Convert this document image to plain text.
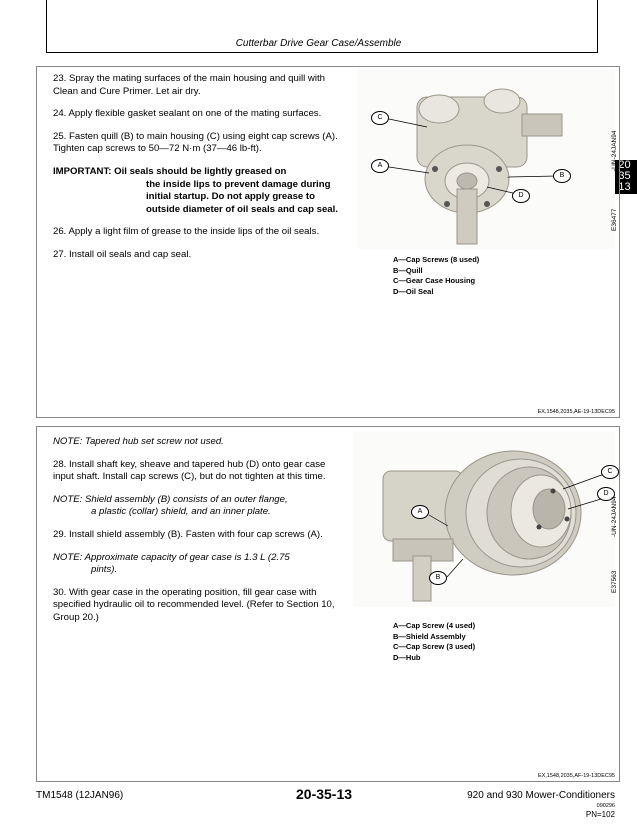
Cutterbar Drive Gear Case/Assemble
20
35
13

23. Spray the mating surfaces of the main housing and quill with Clean and Cure Primer. Let air dry.

24. Apply flexible gasket sealant on one of the mating surfaces.

25. Fasten quill (B) to main housing (C) using eight cap screws (A). Tighten cap screws to 50—72 N·m (37—46 lb-ft).

IMPORTANT: Oil seals should be lightly greased on
the inside lips to prevent damage during initial startup. Do not apply grease to outside diameter of oil seals and cap seal.

26. Apply a light film of grease to the inside lips of the oil seals.

27. Install oil seals and cap seal.

C
A
B
D
-UN-24JAN94
E36477
A—Cap Screws (8 used)
B—Quill
C—Gear Case Housing
D—Oil Seal
EX,1548,2035,AE-19-13DEC95

NOTE: Tapered hub set screw not used.

28. Install shaft key, sheave and tapered hub (D) onto gear case input shaft. Install cap screws (C), but do not tighten at this time.

NOTE: Shield assembly (B) consists of an outer flange,
a plastic (collar) shield, and an inner plate.

29. Install shield assembly (B). Fasten with four cap screws (A).

NOTE: Approximate capacity of gear case is 1.3 L (2.75
pints).

30. With gear case in the operating position, fill gear case with specified hydraulic oil to recommended level. (Refer to Section 10, Group 20.)

A
B
C
D
-UN-24JAN94
E37563
A—Cap Screw (4 used)
B—Shield Assembly
C—Cap Screw (3 used)
D—Hub
EX,1548,2035,AF-19-13DEC95
TM1548 (12JAN96)	20-35-13	920 and 930 Mower-Conditioners
090296
PN=102
